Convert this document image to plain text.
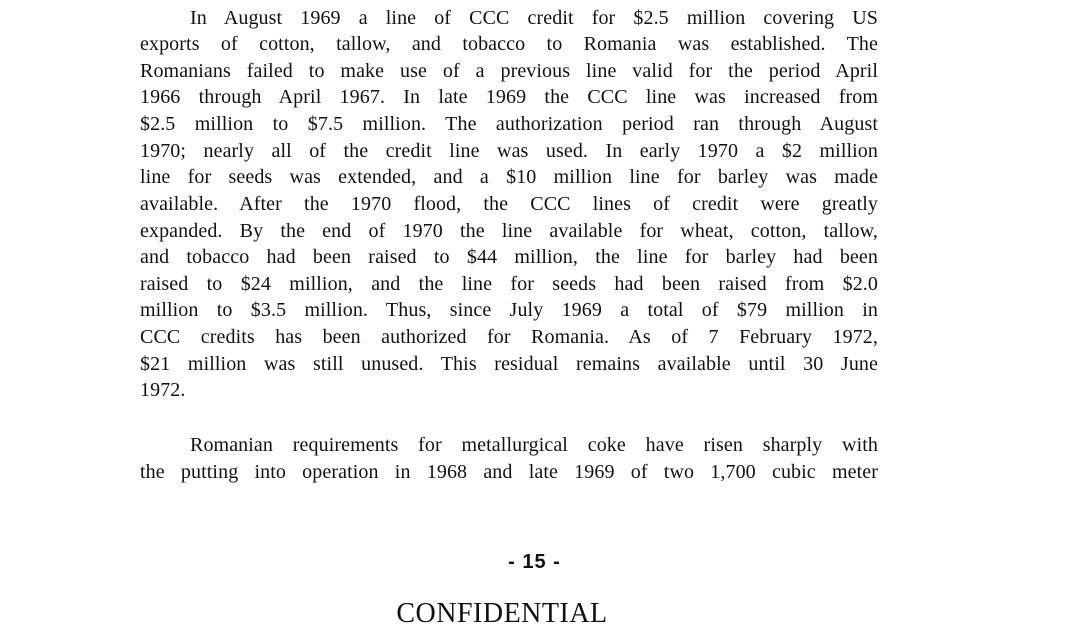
In August 1969 a line of CCC credit for $2.5 million covering US
exports of cotton, tallow, and tobacco to Romania was established. The
Romanians failed to make use of a previous line valid for the period April
1966 through April 1967. In late 1969 the CCC line was increased from
$2.5 million to $7.5 million. The authorization period ran through August
1970; nearly all of the credit line was used. In early 1970 a $2 million
line for seeds was extended, and a $10 million line for barley was made
available. After the 1970 flood, the CCC lines of credit were greatly
expanded. By the end of 1970 the line available for wheat, cotton, tallow,
and tobacco had been raised to $44 million, the line for barley had been
raised to $24 million, and the line for seeds had been raised from $2.0
million to $3.5 million. Thus, since July 1969 a total of $79 million in
CCC credits has been authorized for Romania. As of 7 February 1972,
$21 million was still unused. This residual remains available until 30 June
1972.
Romanian requirements for metallurgical coke have risen sharply with
the putting into operation in 1968 and late 1969 of two 1,700 cubic meter
- 15 -
CONFIDENTIAL
